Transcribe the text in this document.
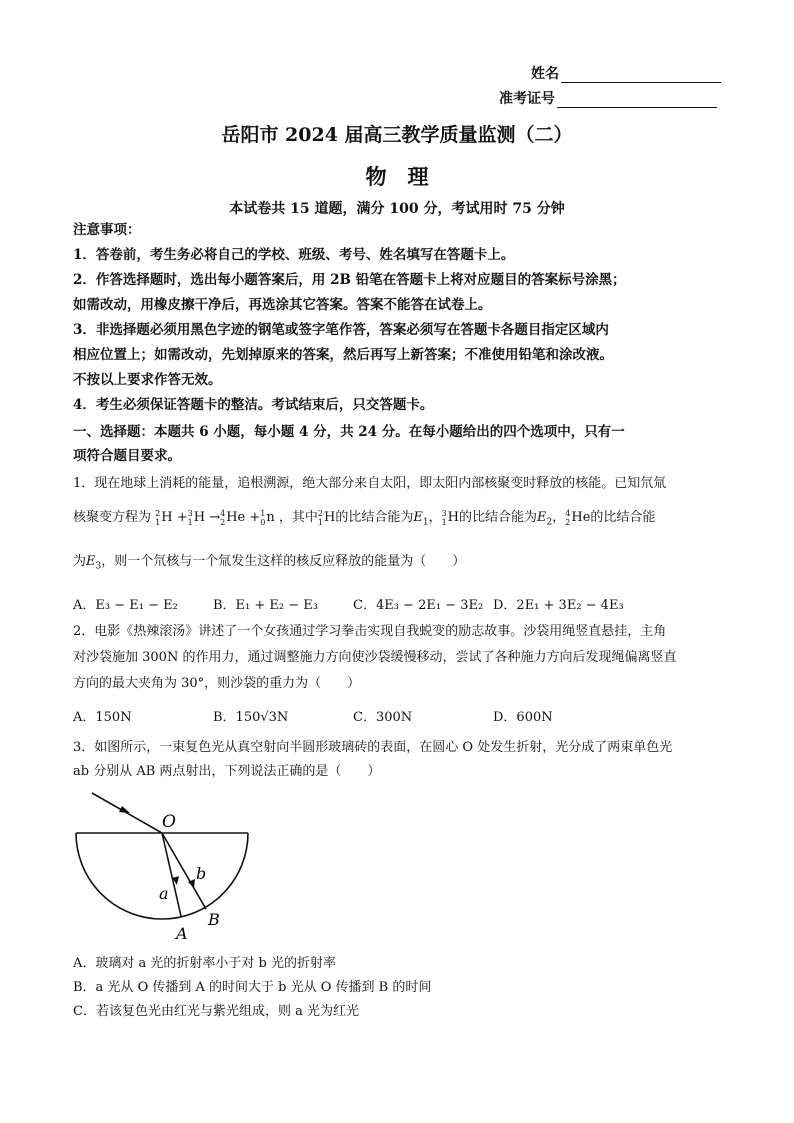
姓名
准考证号
岳阳市 2024 届高三教学质量监测（二）
物　理
本试卷共 15 道题，满分 100 分，考试用时 75 分钟
注意事项：
1．答卷前，考生务必将自己的学校、班级、考号、姓名填写在答题卡上。
2．作答选择题时，选出每小题答案后，用 2B 铅笔在答题卡上将对应题目的答案标号涂黑；
如需改动，用橡皮擦干净后，再选涂其它答案。答案不能答在试卷上。
3．非选择题必须用黑色字迹的钢笔或签字笔作答，答案必须写在答题卡各题目指定区域内
相应位置上；如需改动，先划掉原来的答案，然后再写上新答案；不准使用铅笔和涂改液。
不按以上要求作答无效。
4．考生必须保证答题卡的整洁。考试结束后，只交答题卡。
一、选择题：本题共 6 小题，每小题 4 分，共 24 分。在每小题给出的四个选项中，只有一
项符合题目要求。
1．现在地球上消耗的能量，追根溯源，绝大部分来自太阳，即太阳内部核聚变时释放的核能。已知氘氚
核聚变方程为 2
1 H + 3
1 H → 4
2 He + 1
0 n ，其中 2
1 H的比结合能为$E_1$， 3
1 H的比结合能为$E_2$， 4
2 He的比结合能
为$E_3$，则一个氘核与一个氚发生这样的核反应释放的能量为（　　）
A．E₃ − E₁ − E₂	B．E₁ + E₂ − E₃	C．4E₃ − 2E₁ − 3E₂ D．2E₁ + 3E₂ − 4E₃
2．电影《热辣滚汤》讲述了一个女孩通过学习拳击实现自我蜕变的励志故事。沙袋用绳竖直悬挂，主角
对沙袋施加 300N 的作用力，通过调整施力方向使沙袋缓慢移动，尝试了各种施力方向后发现绳偏离竖直
方向的最大夹角为 30°，则沙袋的重力为（　　）
A．150N	B．150√3N	C．300N	D．600N
3．如图所示，一束复色光从真空射向半圆形玻璃砖的表面，在圆心 O 处发生折射，光分成了两束单色光
ab 分别从 AB 两点射出，下列说法正确的是（　　）
O
a
b
A
B
A．玻璃对 a 光的折射率小于对 b 光的折射率
B．a 光从 O 传播到 A 的时间大于 b 光从 O 传播到 B 的时间
C．若该复色光由红光与紫光组成，则 a 光为红光
